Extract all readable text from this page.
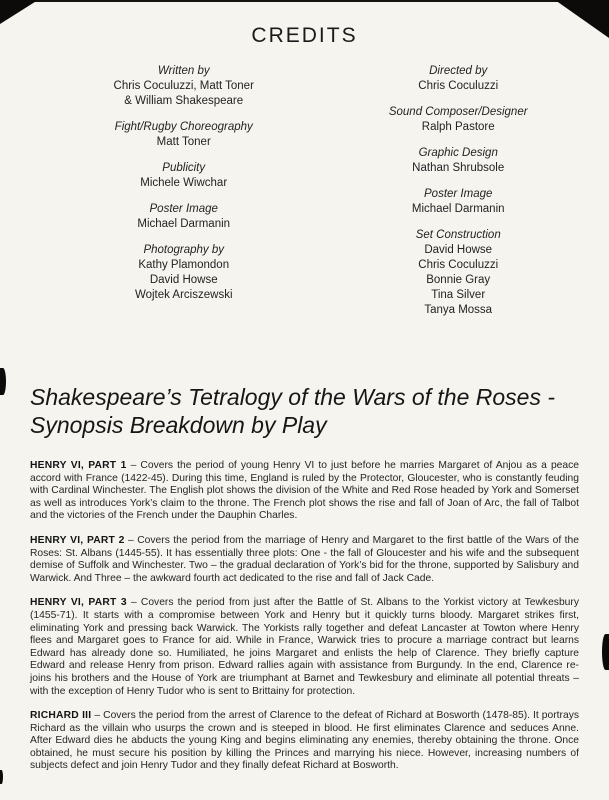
CREDITS
Written by
Chris Coculuzzi, Matt Toner
& William Shakespeare
Fight/Rugby Choreography
Matt Toner
Publicity
Michele Wiwchar
Poster Image
Michael Darmanin
Photography by
Kathy Plamondon
David Howse
Wojtek Arciszewski
Directed by
Chris Coculuzzi
Sound Composer/Designer
Ralph Pastore
Graphic Design
Nathan Shrubsole
Poster Image
Michael Darmanin
Set Construction
David Howse
Chris Coculuzzi
Bonnie Gray
Tina Silver
Tanya Mossa
Shakespeare’s Tetralogy of the Wars of the Roses -
Synopsis Breakdown by Play

HENRY VI, PART 1 – Covers the period of young Henry VI to just before he marries Margaret of Anjou as a peace accord with France (1422-45). During this time, England is ruled by the Protector, Gloucester, who is constantly feuding with Cardinal Winchester. The English plot shows the division of the White and Red Rose headed by York and Somerset as well as introduces York’s claim to the throne. The French plot shows the rise and fall of Joan of Arc, the fall of Talbot and the victories of the French under the Dauphin Charles.

HENRY VI, PART 2 – Covers the period from the marriage of Henry and Margaret to the first battle of the Wars of the Roses: St. Albans (1445-55). It has essentially three plots: One - the fall of Gloucester and his wife and the subsequent demise of Suffolk and Winchester. Two – the gradual declaration of York’s bid for the throne, supported by Salisbury and Warwick. And Three – the awkward fourth act dedicated to the rise and fall of Jack Cade.

HENRY VI, PART 3 – Covers the period from just after the Battle of St. Albans to the Yorkist victory at Tewkesbury (1455-71). It starts with a compromise between York and Henry but it quickly turns bloody. Margaret strikes first, eliminating York and pressing back Warwick. The Yorkists rally together and defeat Lancaster at Towton where Henry flees and Margaret goes to France for aid. While in France, Warwick tries to procure a marriage contract but learns Edward has already done so. Humiliated, he joins Margaret and enlists the help of Clarence. They briefly capture Edward and release Henry from prison. Edward rallies again with assistance from Burgundy. In the end, Clarence re-joins his brothers and the House of York are triumphant at Barnet and Tewkesbury and eliminate all potential threats – with the exception of Henry Tudor who is sent to Brittainy for protection.

RICHARD III – Covers the period from the arrest of Clarence to the defeat of Richard at Bosworth (1478-85). It portrays Richard as the villain who usurps the crown and is steeped in blood. He first eliminates Clarence and seduces Anne. After Edward dies he abducts the young King and begins eliminating any enemies, thereby obtaining the throne. Once obtained, he must secure his position by killing the Princes and marrying his niece. However, increasing numbers of subjects defect and join Henry Tudor and they finally defeat Richard at Bosworth.
